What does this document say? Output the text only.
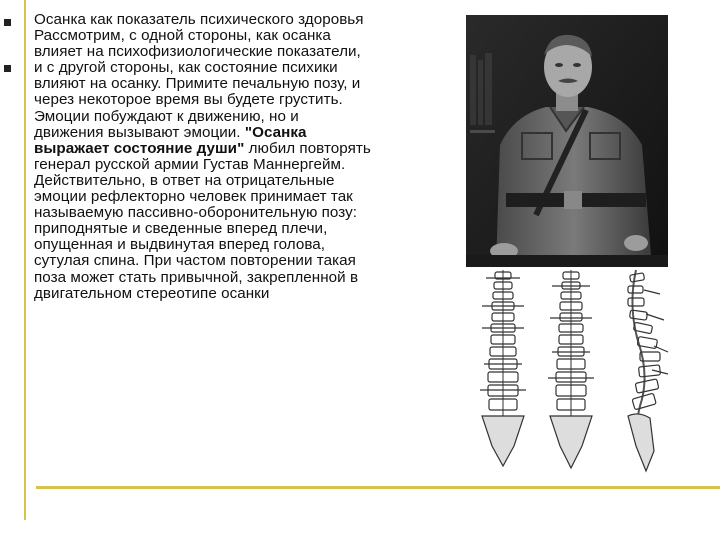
Осанка как показатель психического здоровья

Рассмотрим, с одной стороны, как осанка влияет на психофизиологические показатели, и с другой стороны, как состояние психики влияют на осанку. Примите печальную позу, и через некоторое время вы будете грустить. Эмоции побуждают к движению, но и движения вызывают эмоции. "Осанка выражает состояние души" любил повторять генерал русской армии Густав Маннергейм. Действительно, в ответ на отрицательные эмоции рефлекторно человек принимает так называемую пассивно-оборонительную позу: приподнятые и сведенные вперед плечи, опущенная и выдвинутая вперед голова, сутулая спина. При частом повторении такая поза может стать привычной, закрепленной в двигательном стереотипе осанки
